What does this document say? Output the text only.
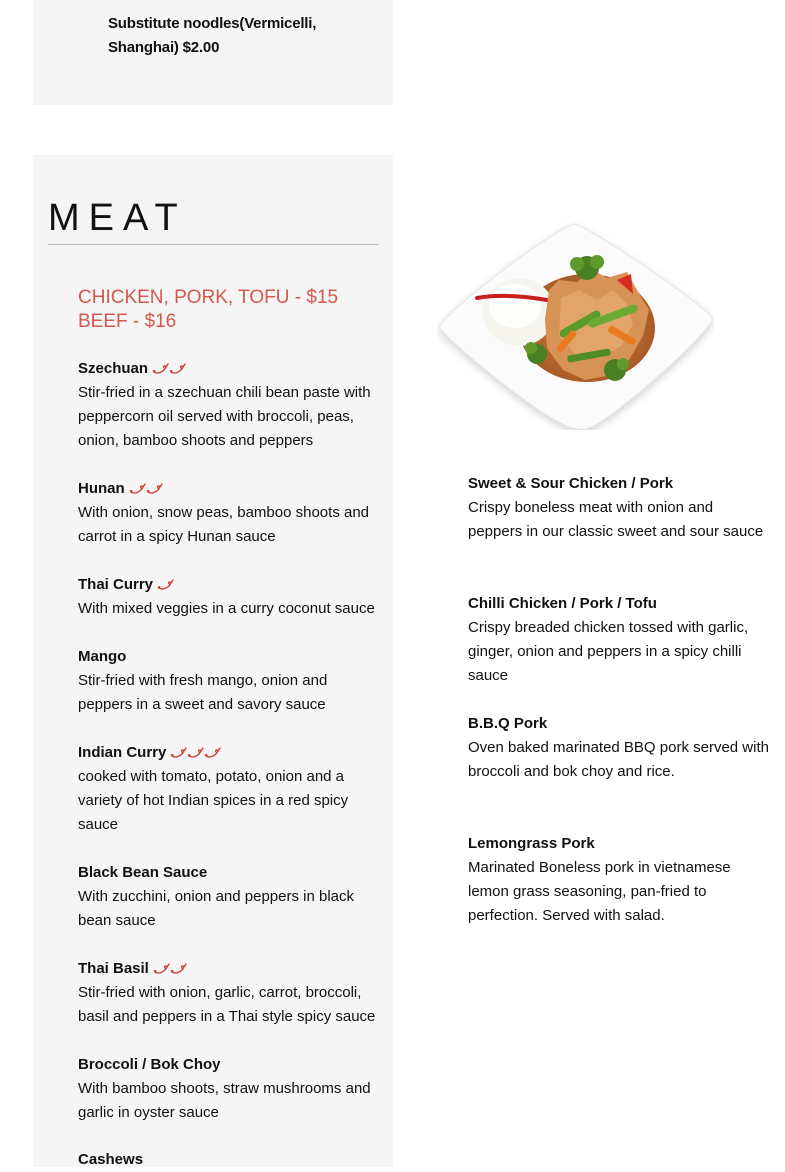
Substitute noodles(Vermicelli, Shanghai) $2.00
MEAT
CHICKEN, PORK, TOFU - $15
BEEF - $16
Szechuan
Stir-fried in a szechuan chili bean paste with peppercorn oil served with broccoli, peas, onion, bamboo shoots and peppers
Hunan
With onion, snow peas, bamboo shoots and carrot in a spicy Hunan sauce
Thai Curry
With mixed veggies in a curry coconut sauce
Mango
Stir-fried with fresh mango, onion and peppers in a sweet and savory sauce
Indian Curry
cooked with tomato, potato, onion and a variety of hot Indian spices in a red spicy sauce
Black Bean Sauce
With zucchini, onion and peppers in black bean sauce
Thai Basil
Stir-fried with onion, garlic, carrot, broccoli, basil and peppers in a Thai style spicy sauce
Broccoli / Bok Choy
With bamboo shoots, straw mushrooms and garlic in oyster sauce
Cashews
Sweet & Sour Chicken / Pork
Crispy boneless meat with onion and peppers in our classic sweet and sour sauce
Chilli Chicken / Pork / Tofu
Crispy breaded chicken tossed with garlic, ginger, onion and peppers in a spicy chilli sauce
B.B.Q Pork
Oven baked marinated BBQ pork served with broccoli and bok choy and rice.
Lemongrass Pork
Marinated Boneless pork in vietnamese lemon grass seasoning, pan-fried to perfection. Served with salad.
